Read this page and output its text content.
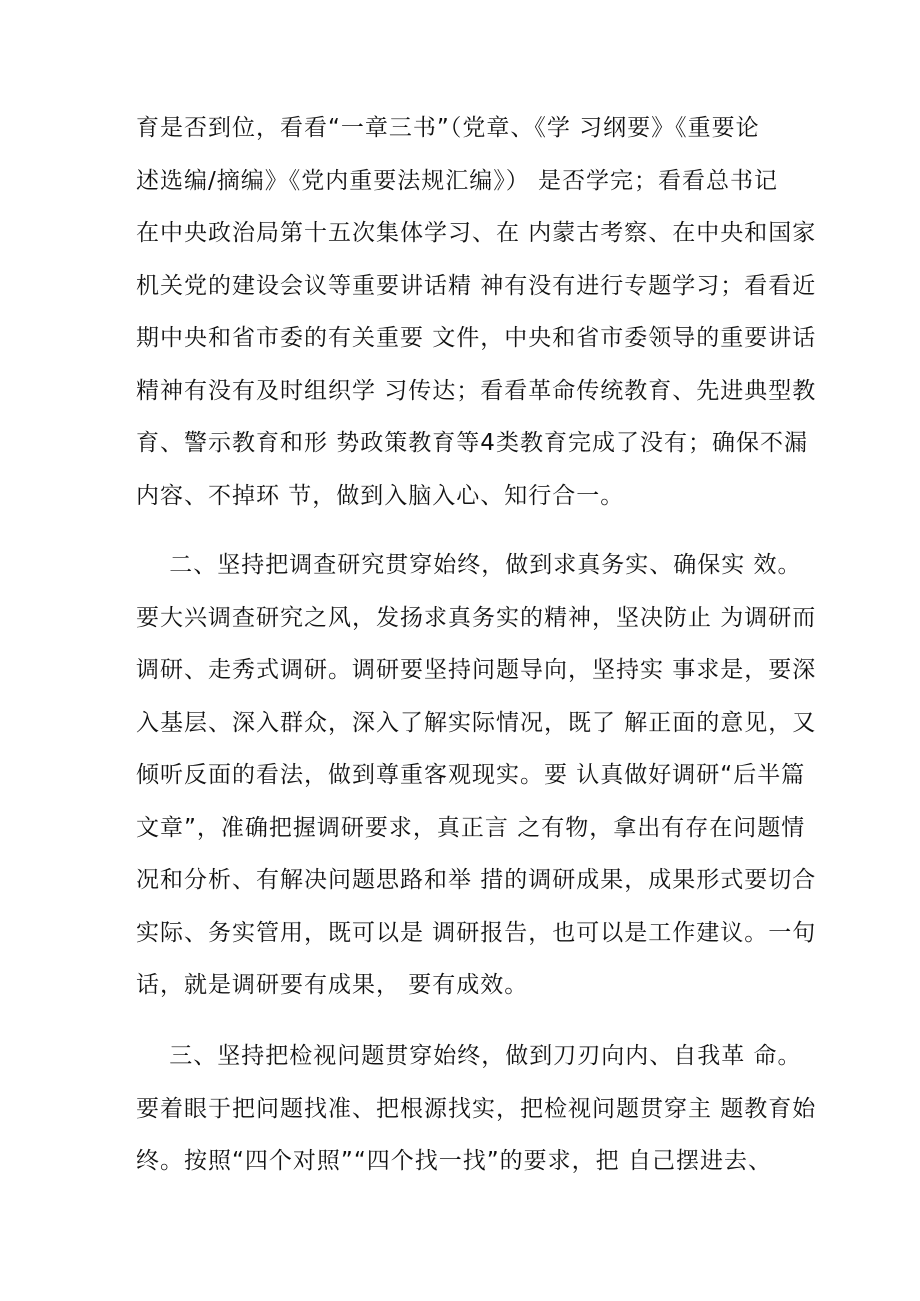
育是否到位，看看“一章三书”（党章、《学 习纲要》《重要论
述选编/摘编》《党内重要法规汇编》） 是否学完；看看总书记
在中央政治局第十五次集体学习、在 内蒙古考察、在中央和国家
机关党的建设会议等重要讲话精 神有没有进行专题学习；看看近
期中央和省市委的有关重要 文件，中央和省市委领导的重要讲话
精神有没有及时组织学 习传达；看看革命传统教育、先进典型教
育、警示教育和形 势政策教育等4类教育完成了没有；确保不漏
内容、不掉环 节，做到入脑入心、知行合一。
二、坚持把调查研究贯穿始终，做到求真务实、确保实 效。
要大兴调查研究之风，发扬求真务实的精神，坚决防止 为调研而
调研、走秀式调研。调研要坚持问题导向，坚持实 事求是，要深
入基层、深入群众，深入了解实际情况，既了 解正面的意见，又
倾听反面的看法，做到尊重客观现实。要 认真做好调研“后半篇
文章”，准确把握调研要求，真正言 之有物，拿出有存在问题情
况和分析、有解决问题思路和举 措的调研成果，成果形式要切合
实际、务实管用，既可以是 调研报告，也可以是工作建议。一句
话，就是调研要有成果， 要有成效。
三、坚持把检视问题贯穿始终，做到刀刃向内、自我革 命。
要着眼于把问题找准、把根源找实，把检视问题贯穿主 题教育始
终。按照“四个对照”“四个找一找”的要求，把 自己摆进去、
